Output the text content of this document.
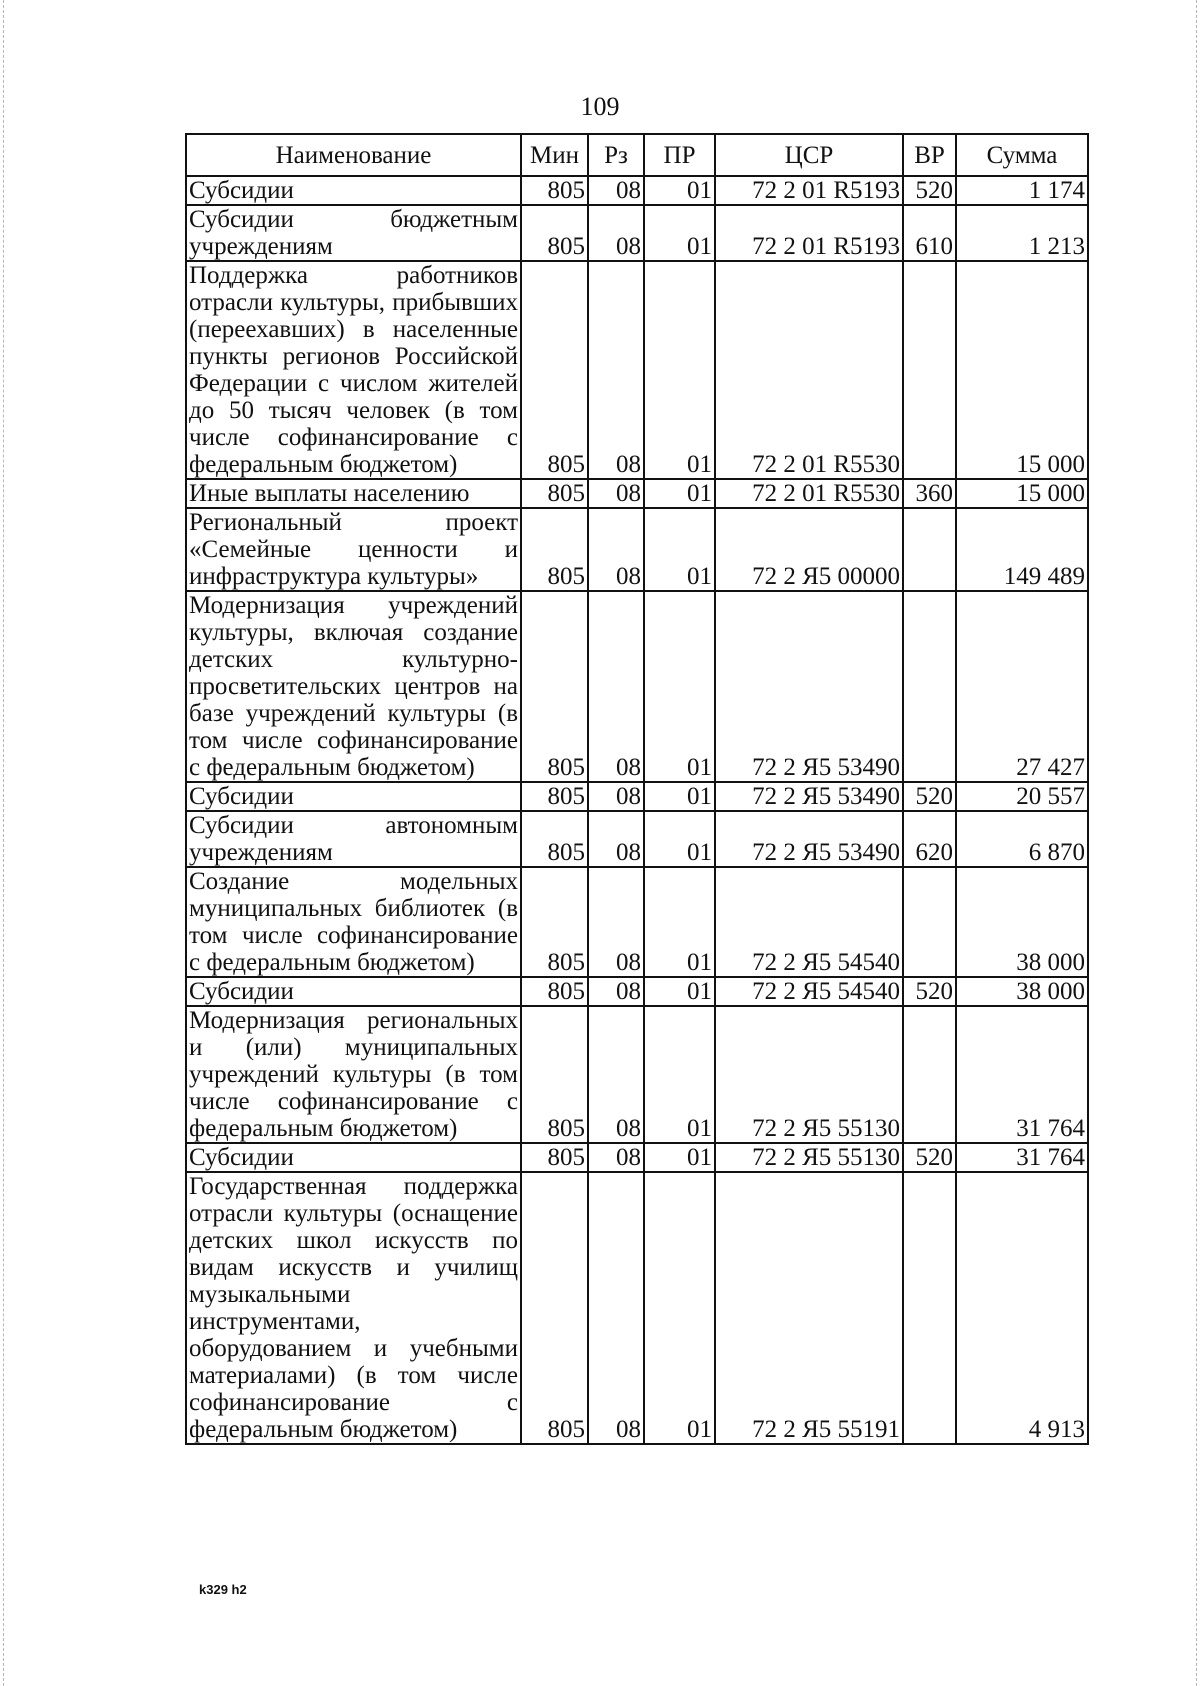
109
Наименование	Мин	Рз	ПР	ЦСР	ВР	Сумма
Субсидии	805	08	01	72 2 01 R5193	520	1 174
Субсидии бюджетным учреждениям	805	08	01	72 2 01 R5193	610	1 213
Поддержка работников отрасли культуры, прибывших (переехавших) в населенные пункты регионов Российской Федерации с числом жителей до 50 тысяч человек (в том числе софинансирование с федеральным бюджетом)	805	08	01	72 2 01 R5530		15 000
Иные выплаты населению	805	08	01	72 2 01 R5530	360	15 000
Региональный проект «Семейные ценности и инфраструктура культуры»	805	08	01	72 2 Я5 00000		149 489
Модернизация учреждений культуры, включая создание детских культурно-просветительских центров на базе учреждений культуры (в том числе софинансирование с федеральным бюджетом)	805	08	01	72 2 Я5 53490		27 427
Субсидии	805	08	01	72 2 Я5 53490	520	20 557
Субсидии автономным учреждениям	805	08	01	72 2 Я5 53490	620	6 870
Создание модельных муниципальных библиотек (в том числе софинансирование с федеральным бюджетом)	805	08	01	72 2 Я5 54540		38 000
Субсидии	805	08	01	72 2 Я5 54540	520	38 000
Модернизация региональных и (или) муниципальных учреждений культуры (в том числе софинансирование с федеральным бюджетом)	805	08	01	72 2 Я5 55130		31 764
Субсидии	805	08	01	72 2 Я5 55130	520	31 764
Государственная поддержка отрасли культуры (оснащение детских школ искусств по видам искусств и училищ музыкальными инструментами, оборудованием и учебными материалами) (в том числе софинансирование с федеральным бюджетом)	805	08	01	72 2 Я5 55191		4 913
k329 h2
